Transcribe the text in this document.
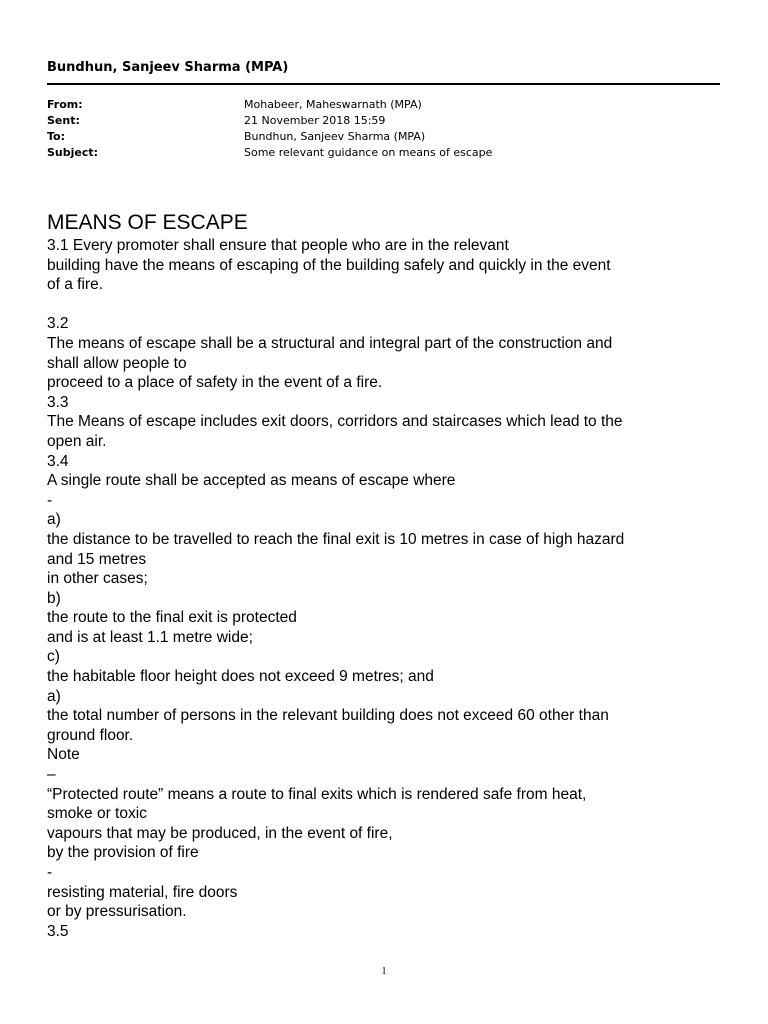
Bundhun, Sanjeev Sharma (MPA)
From:	Mohabeer, Maheswarnath (MPA)
Sent:	21 November 2018 15:59
To:	Bundhun, Sanjeev Sharma (MPA)
Subject:	Some relevant guidance on means of escape
MEANS OF ESCAPE
3.1 Every promoter shall ensure that people who are in the relevant
building have the means of escaping of the building safely and quickly in the event
of a fire.
3.2
The means of escape shall be a structural and integral part of the construction and
shall allow people to
proceed to a place of safety in the event of a fire.
3.3
The Means of escape includes exit doors, corridors and staircases which lead to the
open air.
3.4
A single route shall be accepted as means of escape where
-
a)
the distance to be travelled to reach the final exit is 10 metres in case of high hazard
and 15 metres
in other cases;
b)
the route to the final exit is protected
and is at least 1.1 metre wide;
c)
the habitable floor height does not exceed 9 metres; and
a)
the total number of persons in the relevant building does not exceed 60 other than
ground floor.
Note
–
“Protected route” means a route to final exits which is rendered safe from heat,
smoke or toxic
vapours that may be produced, in the event of fire,
by the provision of fire
-
resisting material, fire doors
or by pressurisation.
3.5
1
